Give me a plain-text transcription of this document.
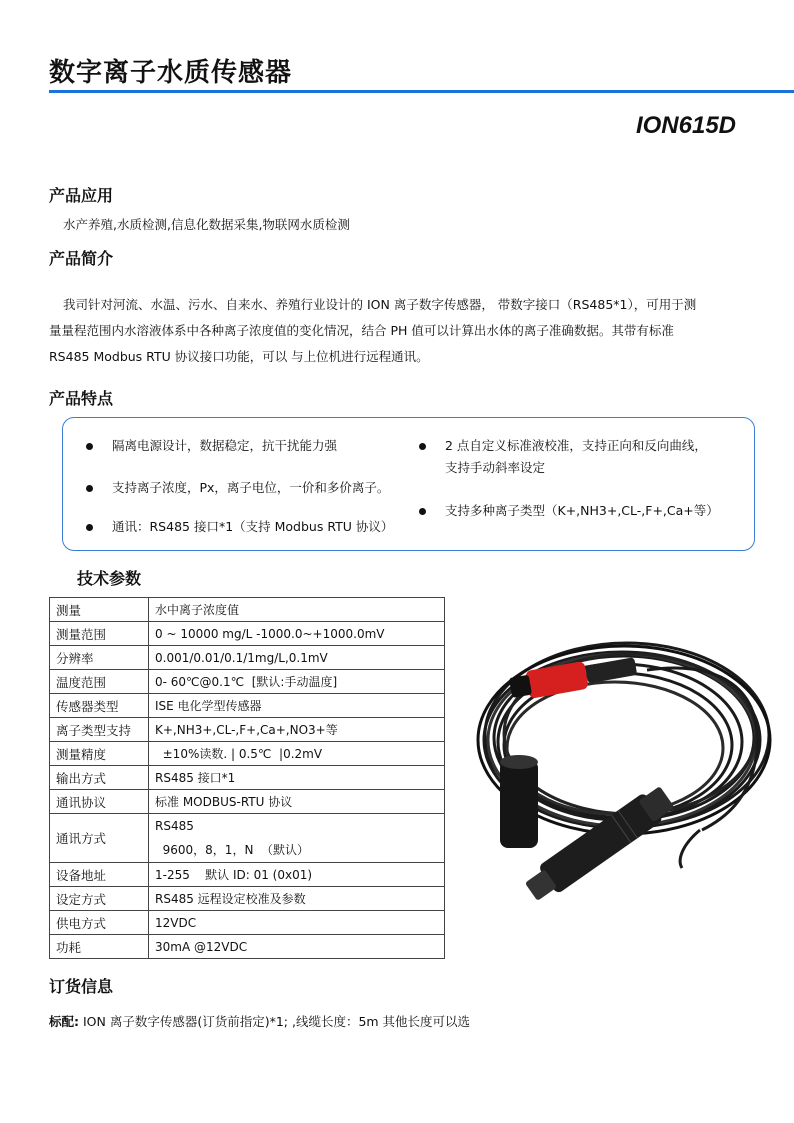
数字离子水质传感器
ION615D
产品应用
水产养殖,水质检测,信息化数据采集,物联网水质检测
产品简介
我司针对河流、水温、污水、自来水、养殖行业设计的 ION 离子数字传感器， 带数字接口（RS485*1），可用于测
量量程范围内水溶液体系中各种离子浓度值的变化情况，结合 PH 值可以计算出水体的离子准确数据。其带有标准
RS485 Modbus RTU 协议接口功能，可以 与上位机进行远程通讯。
产品特点
隔离电源设计，数据稳定，抗干扰能力强
支持离子浓度，Px，离子电位，一价和多价离子。
通讯：RS485 接口*1（支持 Modbus RTU 协议）
2 点自定义标准液校准，支持正向和反向曲线，
支持手动斜率设定
支持多种离子类型（K+,NH3+,CL-,F+,Ca+等）
技术参数
测量	水中离子浓度值

测量范围	0 ~ 10000 mg/L -1000.0~+1000.0mV

分辨率	0.001/0.01/0.1/1mg/L,0.1mV

温度范围	0- 60℃@0.1℃  [默认:手动温度]

传感器类型	ISE 电化学型传感器

离子类型支持	K+,NH3+,CL-,F+,Ca+,NO3+等

测量精度	±10%读数. | 0.5℃  |0.2mV

输出方式	RS485 接口*1

通讯协议	标准 MODBUS-RTU 协议

通讯方式	RS485
9600，8，1，N  （默认）

设备地址	1-255    默认 ID: 01 (0x01)

设定方式	RS485 远程设定校准及参数

供电方式	12VDC

功耗	30mA @12VDC
订货信息
标配: ION 离子数字传感器(订货前指定)*1; ,线缆长度：5m 其他长度可以选
